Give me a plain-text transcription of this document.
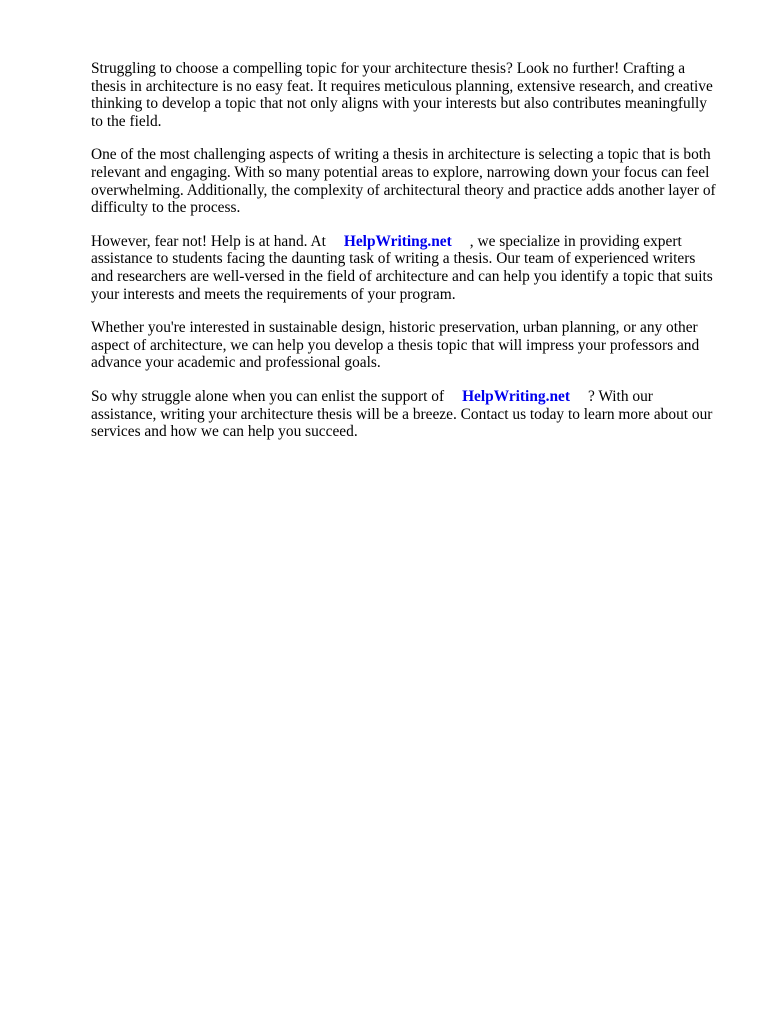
Struggling to choose a compelling topic for your architecture thesis? Look no further! Crafting a thesis in architecture is no easy feat. It requires meticulous planning, extensive research, and creative thinking to develop a topic that not only aligns with your interests but also contributes meaningfully to the field.

One of the most challenging aspects of writing a thesis in architecture is selecting a topic that is both relevant and engaging. With so many potential areas to explore, narrowing down your focus can feel overwhelming. Additionally, the complexity of architectural theory and practice adds another layer of difficulty to the process.

However, fear not! Help is at hand. At HelpWriting.net , we specialize in providing expert assistance to students facing the daunting task of writing a thesis. Our team of experienced writers and researchers are well-versed in the field of architecture and can help you identify a topic that suits your interests and meets the requirements of your program.

Whether you're interested in sustainable design, historic preservation, urban planning, or any other aspect of architecture, we can help you develop a thesis topic that will impress your professors and advance your academic and professional goals.

So why struggle alone when you can enlist the support of HelpWriting.net ? With our assistance, writing your architecture thesis will be a breeze. Contact us today to learn more about our services and how we can help you succeed.
